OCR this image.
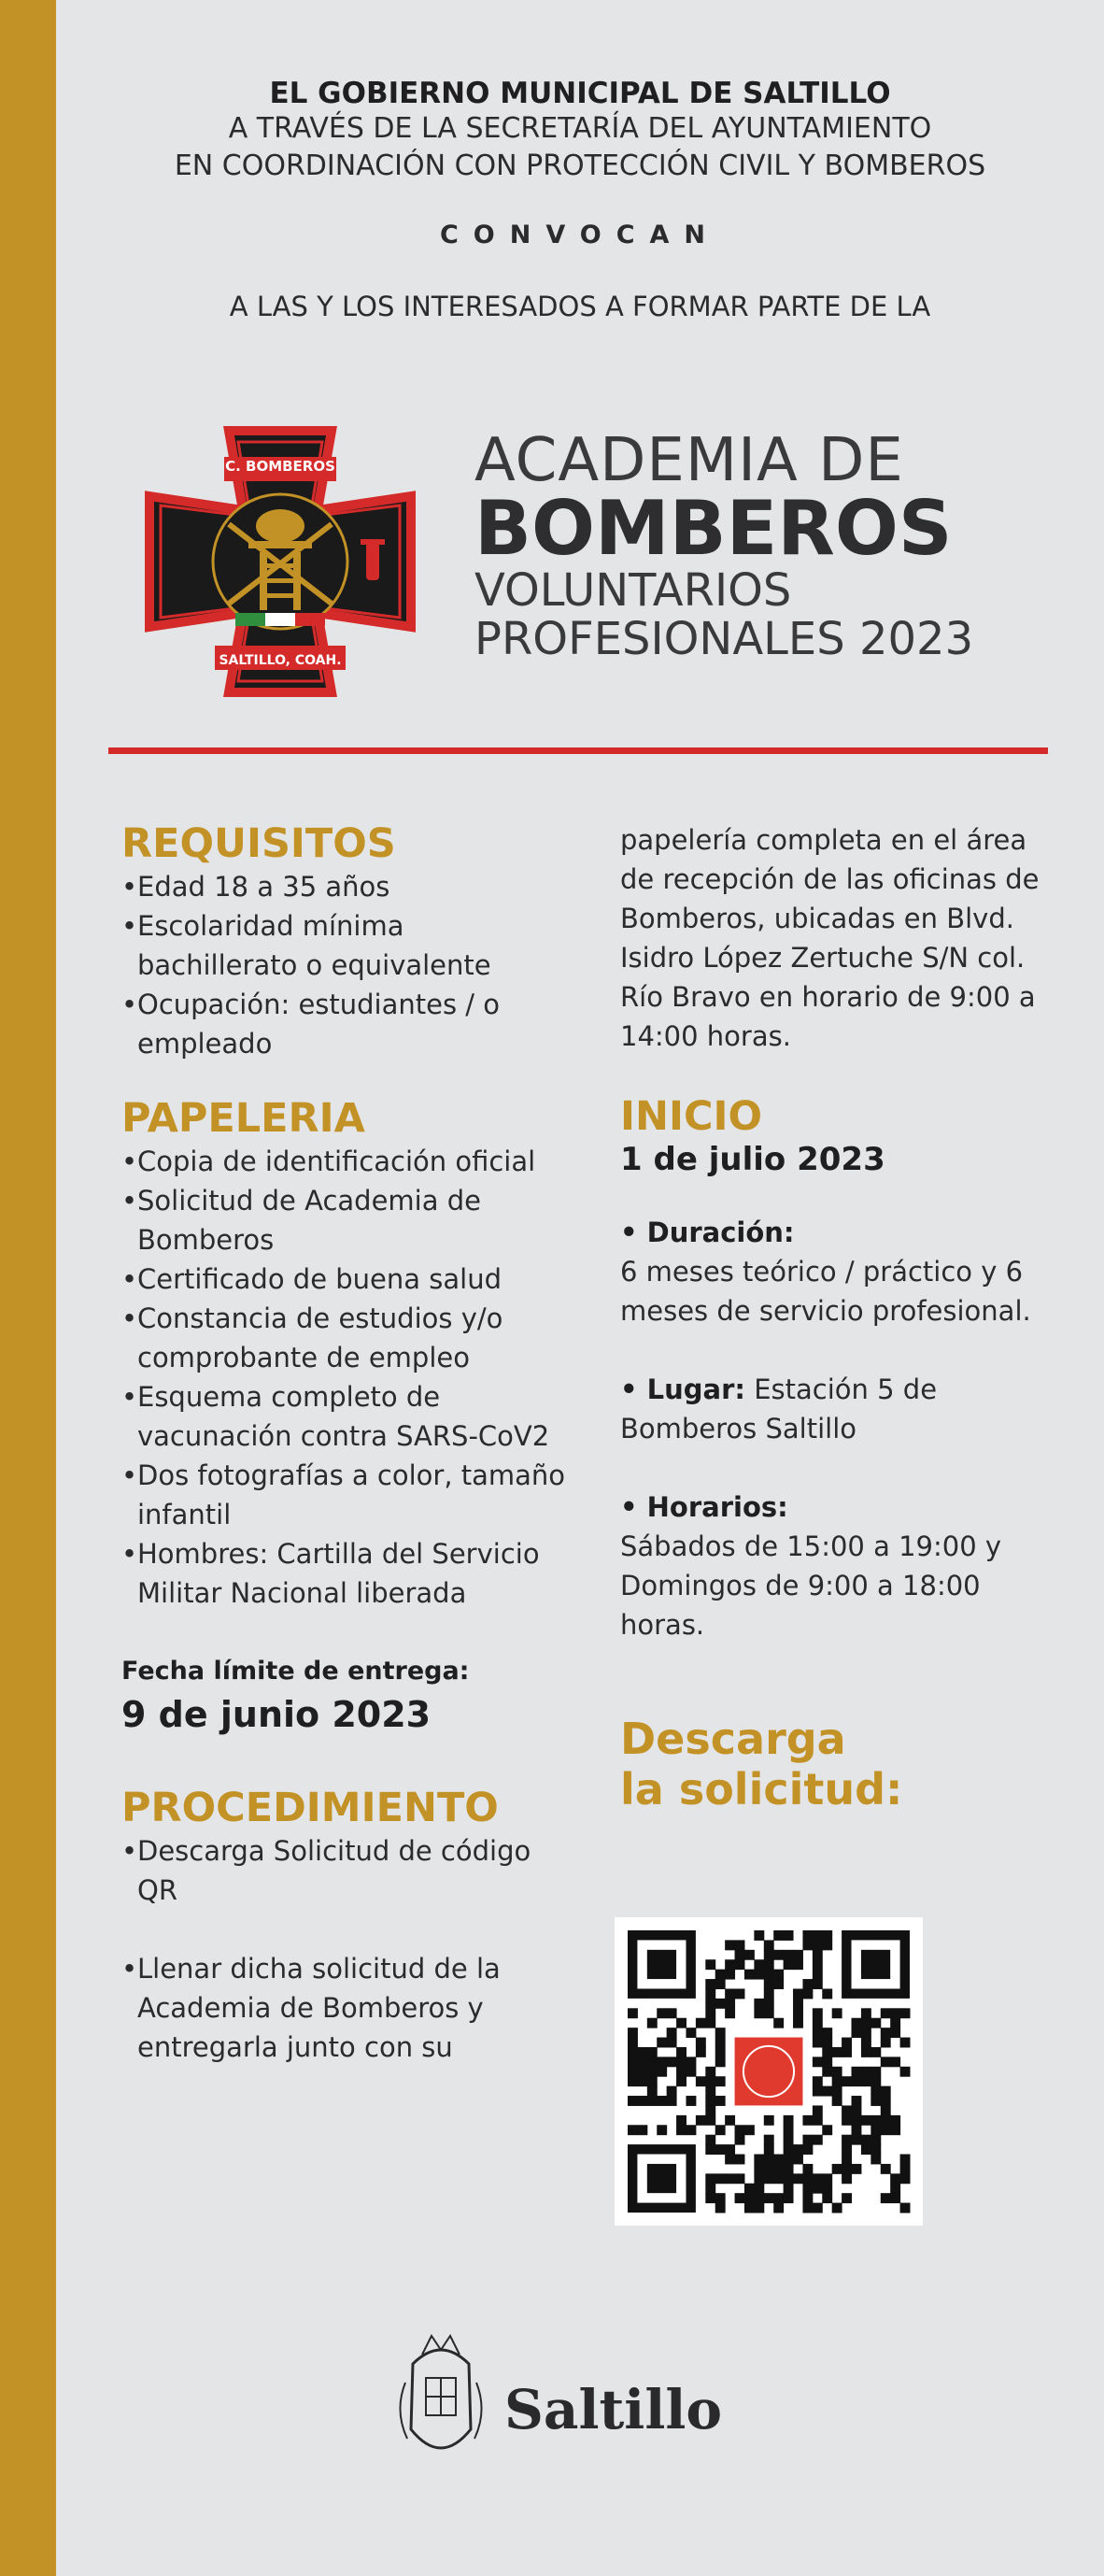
EL GOBIERNO MUNICIPAL DE SALTILLO
A TRAVÉS DE LA SECRETARÍA DEL AYUNTAMIENTO
EN COORDINACIÓN CON PROTECCIÓN CIVIL Y BOMBEROS
CONVOCAN
A LAS Y LOS INTERESADOS A FORMAR PARTE DE LA
C. BOMBEROS
SALTILLO, COAH.
ACADEMIA DE
BOMBEROS
VOLUNTARIOS
PROFESIONALES 2023
REQUISITOS
• Edad 18 a 35 años
• Escolaridad mínima bachillerato o equivalente
• Ocupación: estudiantes / o empleado
PAPELERIA
• Copia de identificación oficial
• Solicitud de Academia de Bomberos
• Certificado de buena salud
• Constancia de estudios y/o comprobante de empleo
• Esquema completo de vacunación contra SARS-CoV2
• Dos fotografías a color, tamaño infantil
• Hombres: Cartilla del Servicio Militar Nacional liberada
Fecha límite de entrega:
9 de junio 2023
PROCEDIMIENTO
• Descarga Solicitud de código QR
• Llenar dicha solicitud de la Academia de Bomberos y entregarla junto con su
papelería completa en el área de recepción de las oficinas de Bomberos, ubicadas en Blvd. Isidro López Zertuche S/N col. Río Bravo en horario de 9:00 a 14:00 horas.
INICIO
1 de julio 2023
• Duración:
6 meses teórico / práctico y 6 meses de servicio profesional.
• Lugar: Estación 5 de Bomberos Saltillo
• Horarios:
Sábados de 15:00 a 19:00 y Domingos de 9:00 a 18:00 horas.
Descarga
la solicitud:
Saltillo
